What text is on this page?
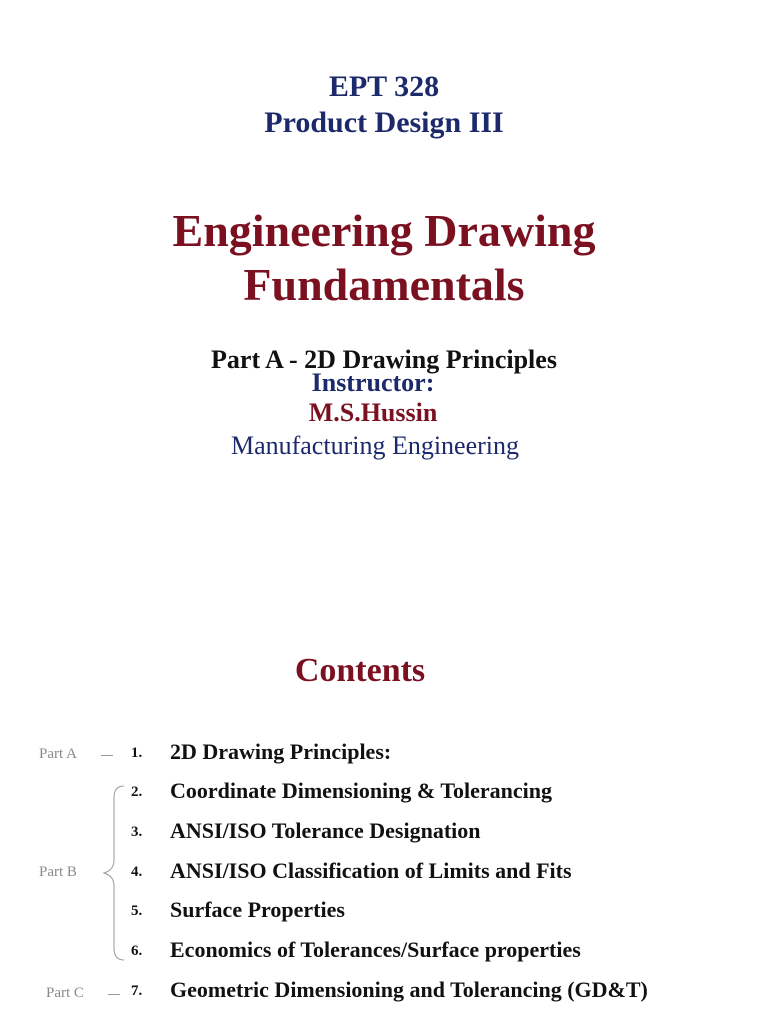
EPT 328
Product Design III
Engineering Drawing
Fundamentals
Part A - 2D Drawing Principles
Instructor:
M.S.Hussin
Manufacturing Engineering
Contents
Part A
Part B
Part C
1.
2.
3.
4.
5.
6.
7.
2D Drawing Principles:
Coordinate Dimensioning & Tolerancing
ANSI/ISO Tolerance Designation
ANSI/ISO Classification of Limits and Fits
Surface Properties
Economics of Tolerances/Surface properties
Geometric Dimensioning and Tolerancing (GD&T)
